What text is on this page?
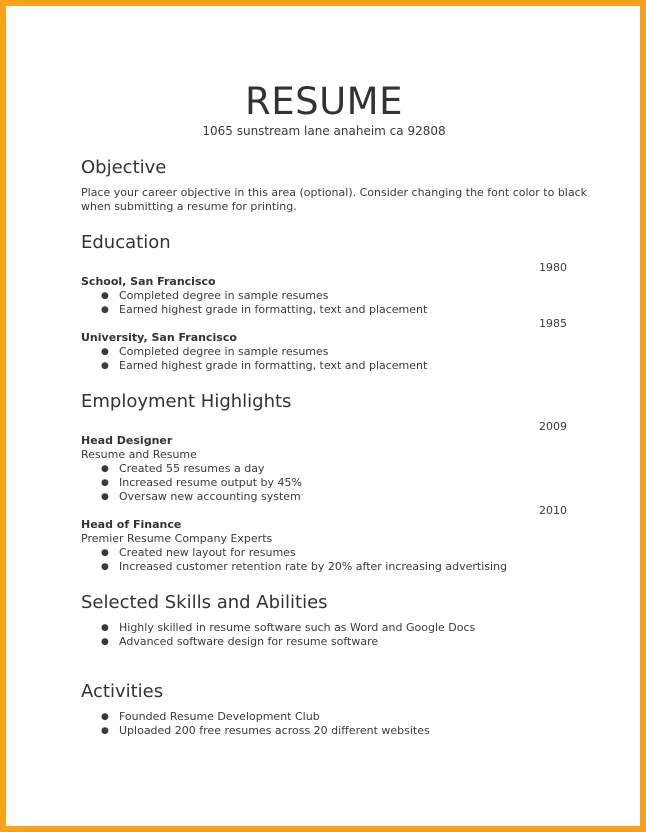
RESUME
1065 sunstream lane anaheim ca 92808
Objective
Place your career objective in this area (optional). Consider changing the font color to black
when submitting a resume for printing.
Education
1980
School, San Francisco
● Completed degree in sample resumes
● Earned highest grade in formatting, text and placement
1985
University, San Francisco
● Completed degree in sample resumes
● Earned highest grade in formatting, text and placement
Employment Highlights
2009
Head Designer
Resume and Resume
● Created 55 resumes a day
● Increased resume output by 45%
● Oversaw new accounting system
2010
Head of Finance
Premier Resume Company Experts
● Created new layout for resumes
● Increased customer retention rate by 20% after increasing advertising
Selected Skills and Abilities
● Highly skilled in resume software such as Word and Google Docs
● Advanced software design for resume software
Activities
● Founded Resume Development Club
● Uploaded 200 free resumes across 20 different websites
